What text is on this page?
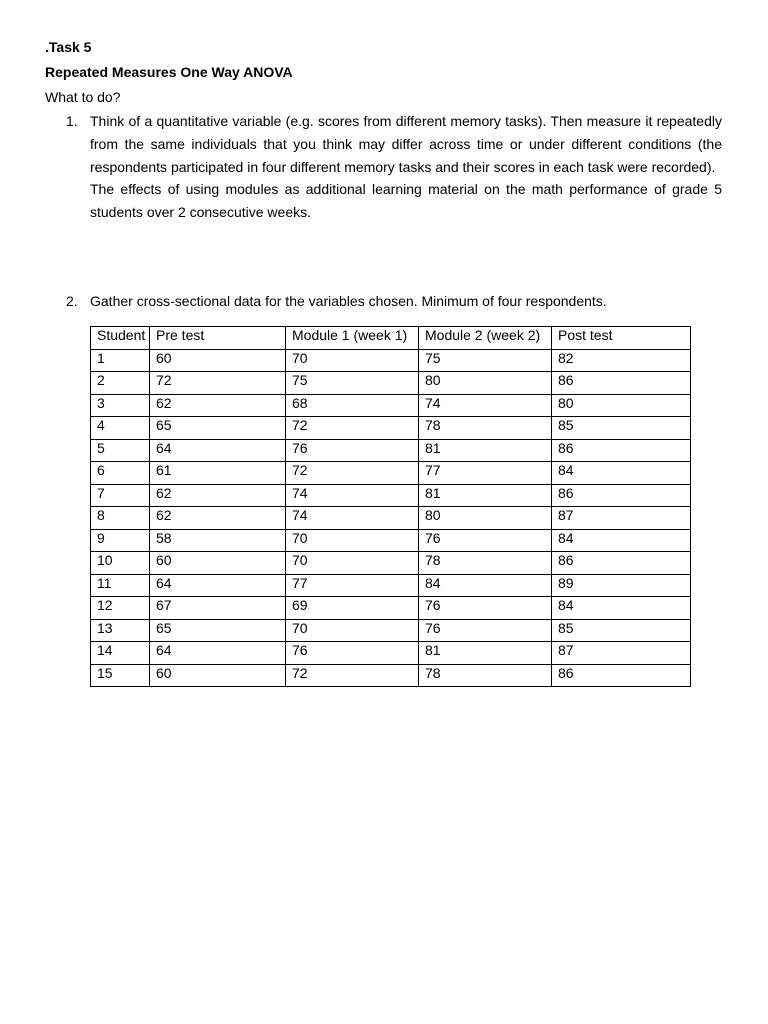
.Task 5
Repeated Measures One Way ANOVA
What to do?
1. Think of a quantitative variable (e.g. scores from different memory tasks). Then measure it repeatedly from the same individuals that you think may differ across time or under different conditions (the respondents participated in four different memory tasks and their scores in each task were recorded).

The effects of using modules as additional learning material on the math performance of grade 5 students over 2 consecutive weeks.

2. Gather cross-sectional data for the variables chosen. Minimum of four respondents.

Student	Pre test	Module 1 (week 1)	Module 2 (week 2)	Post test
1	60	70	75	82
2	72	75	80	86
3	62	68	74	80
4	65	72	78	85
5	64	76	81	86
6	61	72	77	84
7	62	74	81	86
8	62	74	80	87
9	58	70	76	84
10	60	70	78	86
11	64	77	84	89
12	67	69	76	84
13	65	70	76	85
14	64	76	81	87
15	60	72	78	86
